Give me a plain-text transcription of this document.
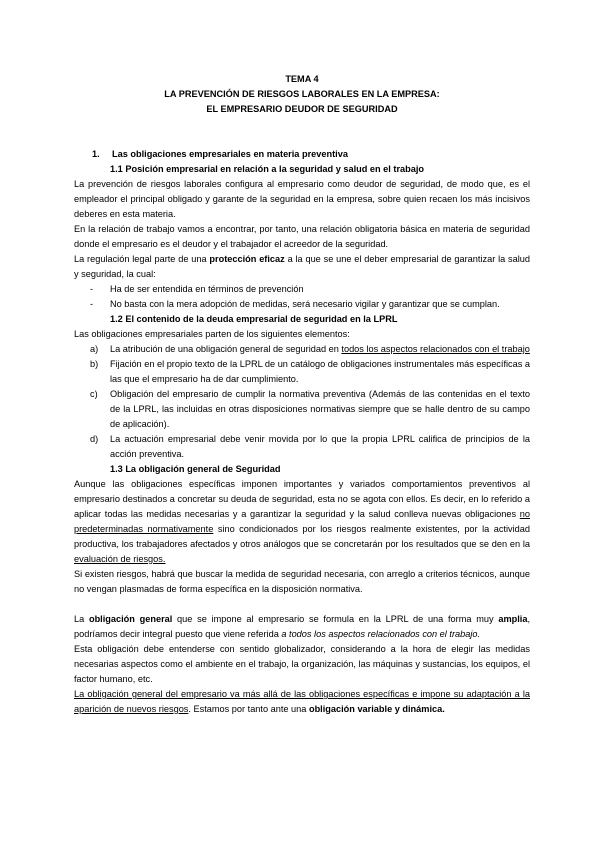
TEMA 4
LA PREVENCIÓN DE RIESGOS LABORALES EN LA EMPRESA:
EL EMPRESARIO DEUDOR DE SEGURIDAD
1. Las obligaciones empresariales en materia preventiva
1.1 Posición empresarial en relación a la seguridad y salud en el trabajo

La prevención de riesgos laborales configura al empresario como deudor de seguridad, de modo que, es el empleador el principal obligado y garante de la seguridad en la empresa, sobre quien recaen los más incisivos deberes en esta materia.

En la relación de trabajo vamos a encontrar, por tanto, una relación obligatoria básica en materia de seguridad donde el empresario es el deudor y el trabajador el acreedor de la seguridad.

La regulación legal parte de una protección eficaz a la que se une el deber empresarial de garantizar la salud y seguridad, la cual:

- Ha de ser entendida en términos de prevención
- No basta con la mera adopción de medidas, será necesario vigilar y garantizar que se cumplan.
1.2 El contenido de la deuda empresarial de seguridad en la LPRL

Las obligaciones empresariales parten de los siguientes elementos:

a) La atribución de una obligación general de seguridad en todos los aspectos relacionados con el trabajo
b) Fijación en el propio texto de la LPRL de un catálogo de obligaciones instrumentales más específicas a las que el empresario ha de dar cumplimiento.
c) Obligación del empresario de cumplir la normativa preventiva (Además de las contenidas en el texto de la LPRL, las incluidas en otras disposiciones normativas siempre que se halle dentro de su campo de aplicación).
d) La actuación empresarial debe venir movida por lo que la propia LPRL califica de principios de la acción preventiva.
1.3 La obligación general de Seguridad

Aunque las obligaciones específicas imponen importantes y variados comportamientos preventivos al empresario destinados a concretar su deuda de seguridad, esta no se agota con ellos. Es decir, en lo referido a aplicar todas las medidas necesarias y a garantizar la seguridad y la salud conlleva nuevas obligaciones no predeterminadas normativamente sino condicionados por los riesgos realmente existentes, por la actividad productiva, los trabajadores afectados y otros análogos que se concretarán por los resultados que se den en la evaluación de riesgos.

Si existen riesgos, habrá que buscar la medida de seguridad necesaria, con arreglo a criterios técnicos, aunque no vengan plasmadas de forma específica en la disposición normativa.

La obligación general que se impone al empresario se formula en la LPRL de una forma muy amplia, podríamos decir integral puesto que viene referida a todos los aspectos relacionados con el trabajo.

Esta obligación debe entenderse con sentido globalizador, considerando a la hora de elegir las medidas necesarias aspectos como el ambiente en el trabajo, la organización, las máquinas y sustancias, los equipos, el factor humano, etc.

La obligación general del empresario va más allá de las obligaciones específicas e impone su adaptación a la aparición de nuevos riesgos. Estamos por tanto ante una obligación variable y dinámica.
